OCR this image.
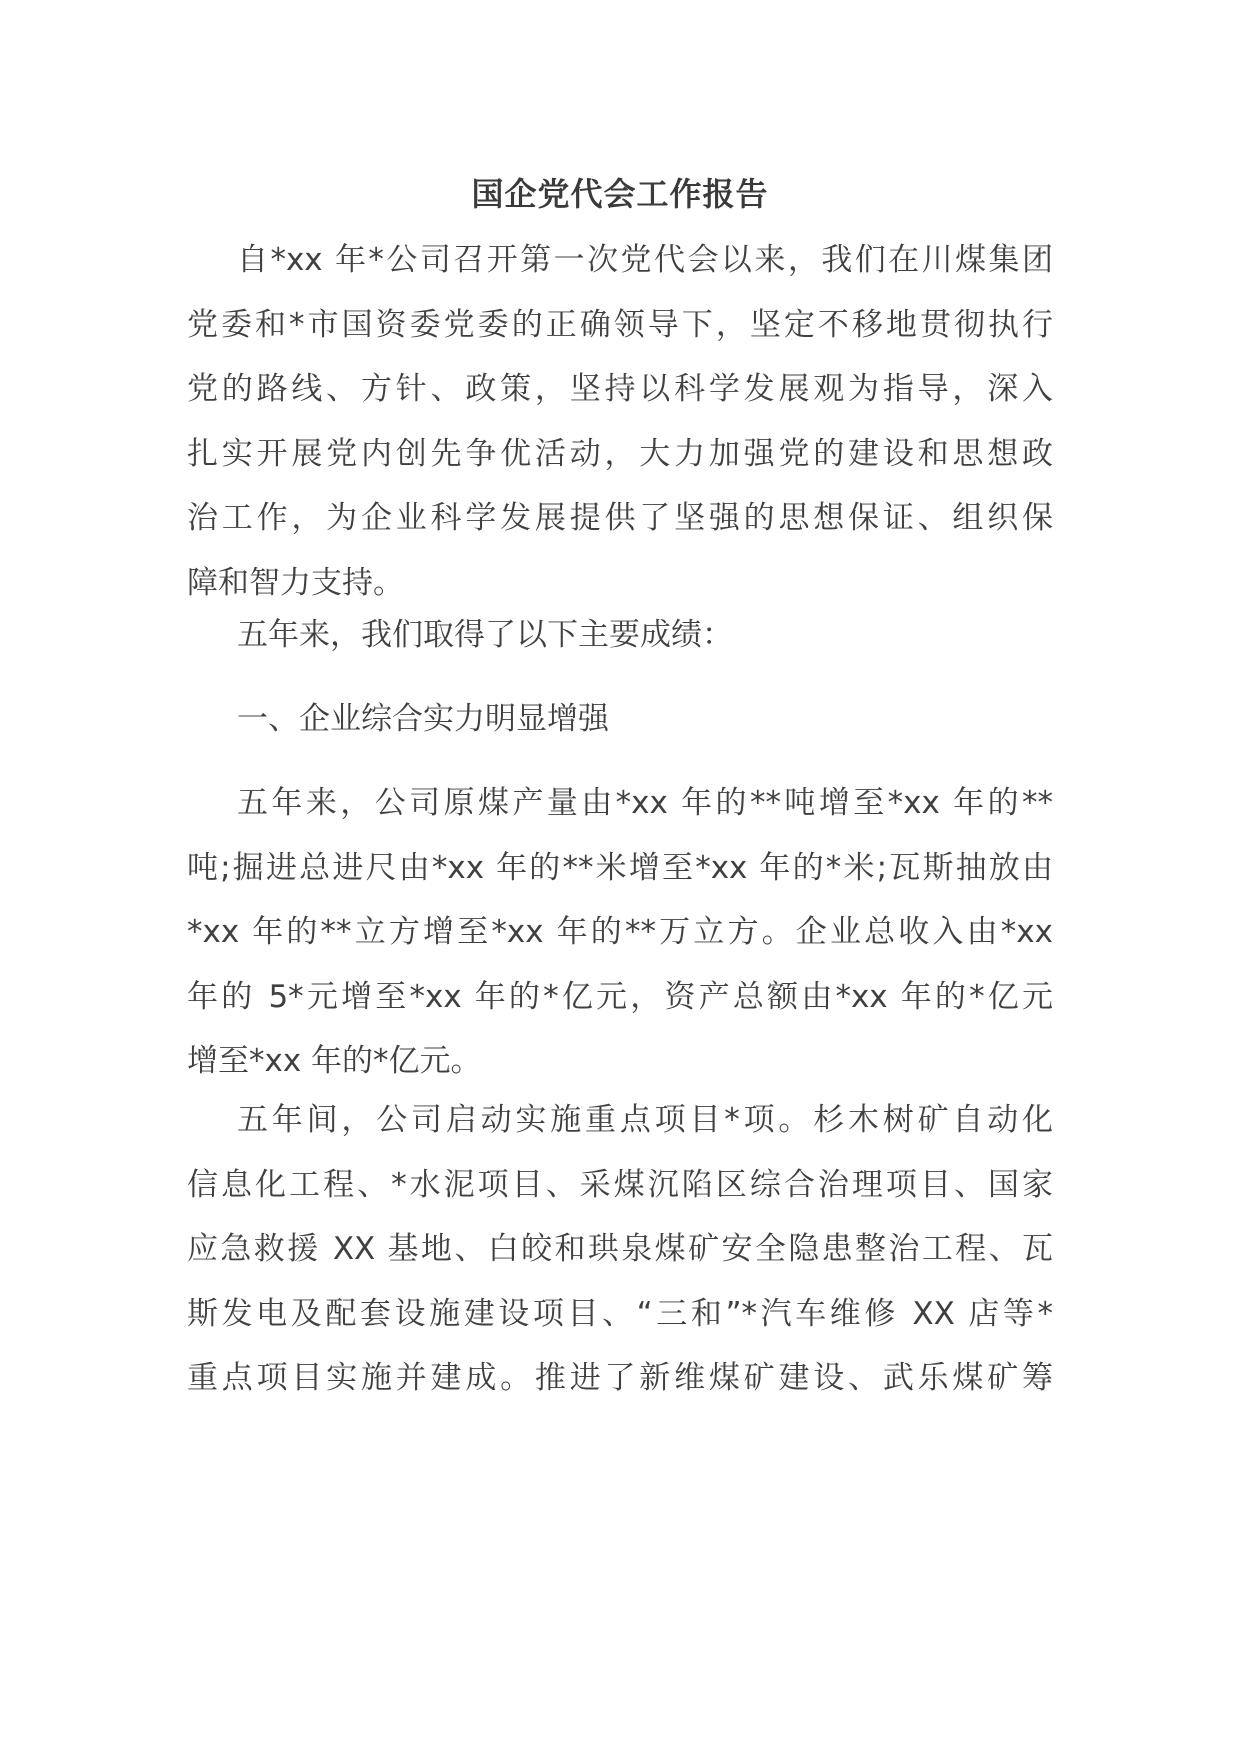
国企党代会工作报告
自*xx 年*公司召开第一次党代会以来，我们在川煤集团
党委和*市国资委党委的正确领导下，坚定不移地贯彻执行
党的路线、方针、政策，坚持以科学发展观为指导，深入
扎实开展党内创先争优活动，大力加强党的建设和思想政
治工作，为企业科学发展提供了坚强的思想保证、组织保
障和智力支持。
五年来，我们取得了以下主要成绩：
一、企业综合实力明显增强
五年来，公司原煤产量由*xx 年的**吨增至*xx 年的**
吨;掘进总进尺由*xx 年的**米增至*xx 年的*米;瓦斯抽放由
*xx 年的**立方增至*xx 年的**万立方。企业总收入由*xx
年的 5*元增至*xx 年的*亿元，资产总额由*xx 年的*亿元
增至*xx 年的*亿元。
五年间，公司启动实施重点项目*项。杉木树矿自动化
信息化工程、*水泥项目、采煤沉陷区综合治理项目、国家
应急救援 XX 基地、白皎和珙泉煤矿安全隐患整治工程、瓦
斯发电及配套设施建设项目、“三和”*汽车维修 XX 店等*
重点项目实施并建成。推进了新维煤矿建设、武乐煤矿筹
